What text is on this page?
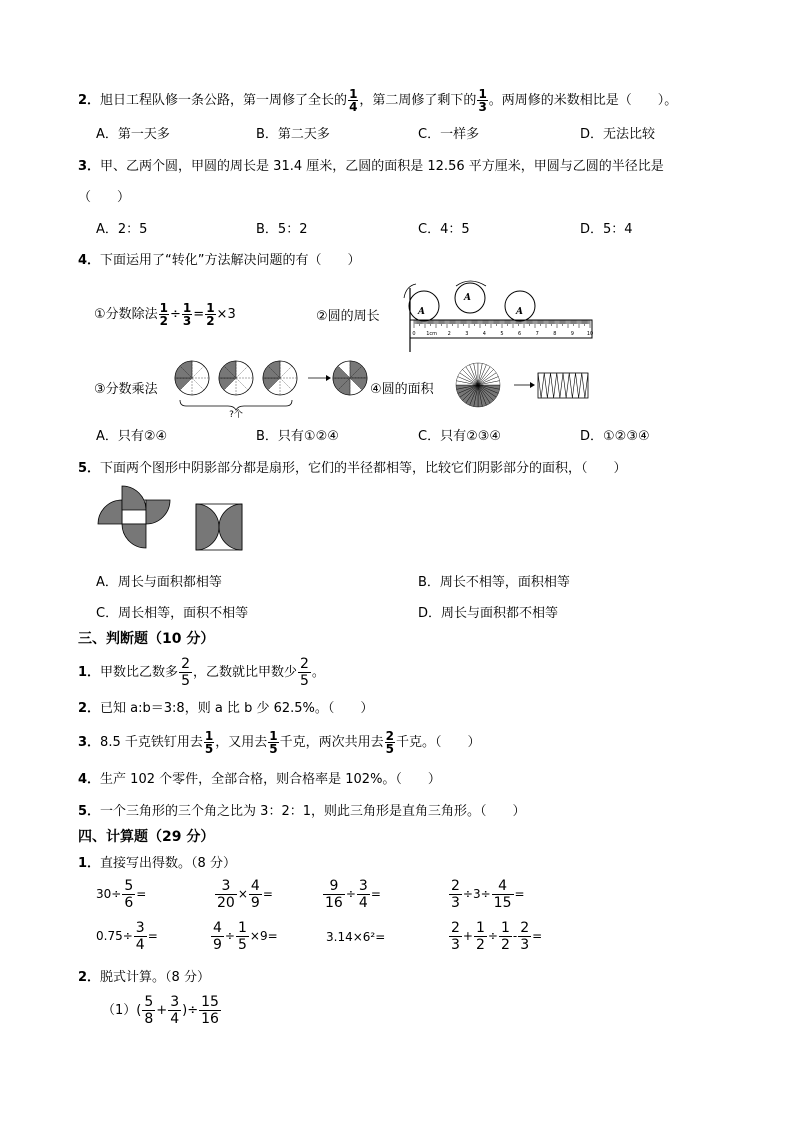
2．旭日工程队修一条公路，第一周修了全长的 $\frac{1}{4}$ ，第二周修了剩下的 $\frac{1}{3}$ 。两周修的米数相比是（　　）。
A．第一天多	B．第二天多	C．一样多	D．无法比较
3．甲、乙两个圆，甲圆的周长是 31.4 厘米，乙圆的面积是 12.56 平方厘米，甲圆与乙圆的半径比是
（　　）
A．2：5	B．5：2	C．4：5	D．5：4
4．下面运用了“转化”方法解决问题的有（　　）
①分数除法 $\frac{1}{2} \div \frac{1}{3} = \frac{1}{2} \times 3$	②圆的周长	A
A
A
0 1cm 2	3	4	5	6	7	8	9	10
③分数乘法
?个
④圆的面积
A．只有②④	B．只有①②④	C．只有②③④	D．①②③④
5．下面两个图形中阴影部分都是扇形，它们的半径都相等，比较它们阴影部分的面积，（　　）
A．周长与面积都相等	B．周长不相等，面积相等
C．周长相等，面积不相等	D．周长与面积都不相等
三、判断题（10 分）
1．甲数比乙数多 $\frac{2}{5}$ ，乙数就比甲数少 $\frac{2}{5}$ 。
2．已知 a:b＝3:8，则 a 比 b 少 62.5%。（　　）
3．8.5 千克铁钉用去 $\frac{1}{5}$ ，又用去 $\frac{1}{5}$ 千克，两次共用去 $\frac{2}{5}$ 千克。（　　）
4．生产 102 个零件，全部合格，则合格率是 102%。（　　）
5．一个三角形的三个角之比为 3：2：1，则此三角形是直角三角形。（　　）
四、计算题（29 分）
1．直接写出得数。（8 分）
$30\div \frac{5}{6}$ =	$\frac{3}{20} \times \frac{4}{9}$ =	$\frac{9}{16} \div \frac{3}{4}$ =	$\frac{2}{3} \div 3\div \frac{4}{15}$ =
$0.75\div \frac{3}{4}$ =	$\frac{4}{9} \div \frac{1}{5} \times 9=$	3.14×6²=	$\frac{2}{3} + \frac{1}{2} \div \frac{1}{2} - \frac{2}{3}$ =
2．脱式计算。（8 分）
$(1)( \frac{5}{8} + \frac{3}{4}$ )÷ $\frac{15}{16}$
